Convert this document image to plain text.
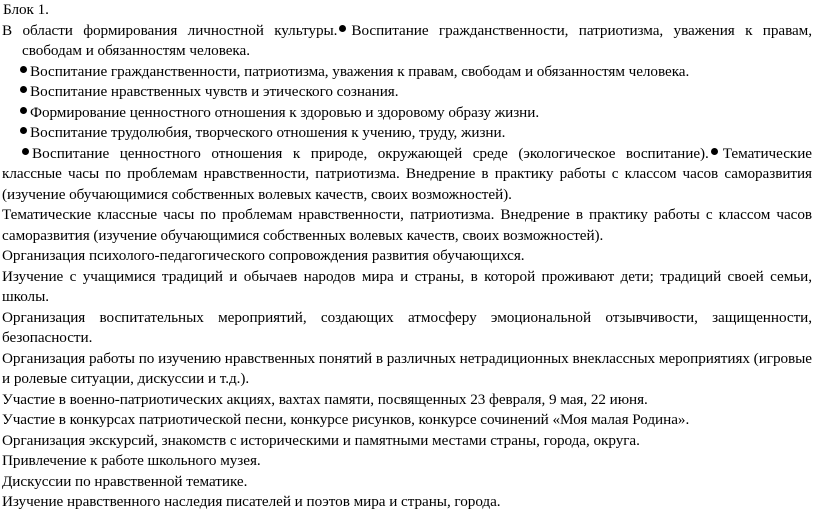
Блок 1.

В области формирования личностной культуры. Воспитание гражданственности, патриотизма, уважения к правам,

свободам и обязанностям человека.

Воспитание гражданственности, патриотизма, уважения к правам, свободам и обязанностям человека.

Воспитание нравственных чувств и этического сознания.

Формирование ценностного отношения к здоровью и здоровому образу жизни.

Воспитание трудолюбия, творческого отношения к учению, труду, жизни.

Воспитание ценностного отношения к природе, окружающей среде (экологическое воспитание). Тематические классные часы по проблемам нравственности, патриотизма. Внедрение в практику работы с классом часов саморазвития (изучение обучающимися собственных волевых качеств, своих возможностей).

Тематические классные часы по проблемам нравственности, патриотизма. Внедрение в практику работы с классом часов саморазвития (изучение обучающимися собственных волевых качеств, своих возможностей).

Организация психолого-педагогического сопровождения развития обучающихся.

Изучение с учащимися традиций и обычаев народов мира и страны, в которой проживают дети; традиций своей семьи, школы.

Организация воспитательных мероприятий, создающих атмосферу эмоциональной отзывчивости, защищенности, безопасности.

Организация работы по изучению нравственных понятий в различных нетрадиционных внеклассных мероприятиях (игровые и ролевые ситуации, дискуссии и т.д.).

Участие в военно-патриотических акциях, вахтах памяти, посвященных 23 февраля, 9 мая, 22 июня.

Участие в конкурсах патриотической песни, конкурсе рисунков, конкурсе сочинений «Моя малая Родина».

Организация экскурсий, знакомств с историческими и памятными местами страны, города, округа.

Привлечение к работе школьного музея.

Дискуссии по нравственной тематике.

Изучение нравственного наследия писателей и поэтов мира и страны, города.
